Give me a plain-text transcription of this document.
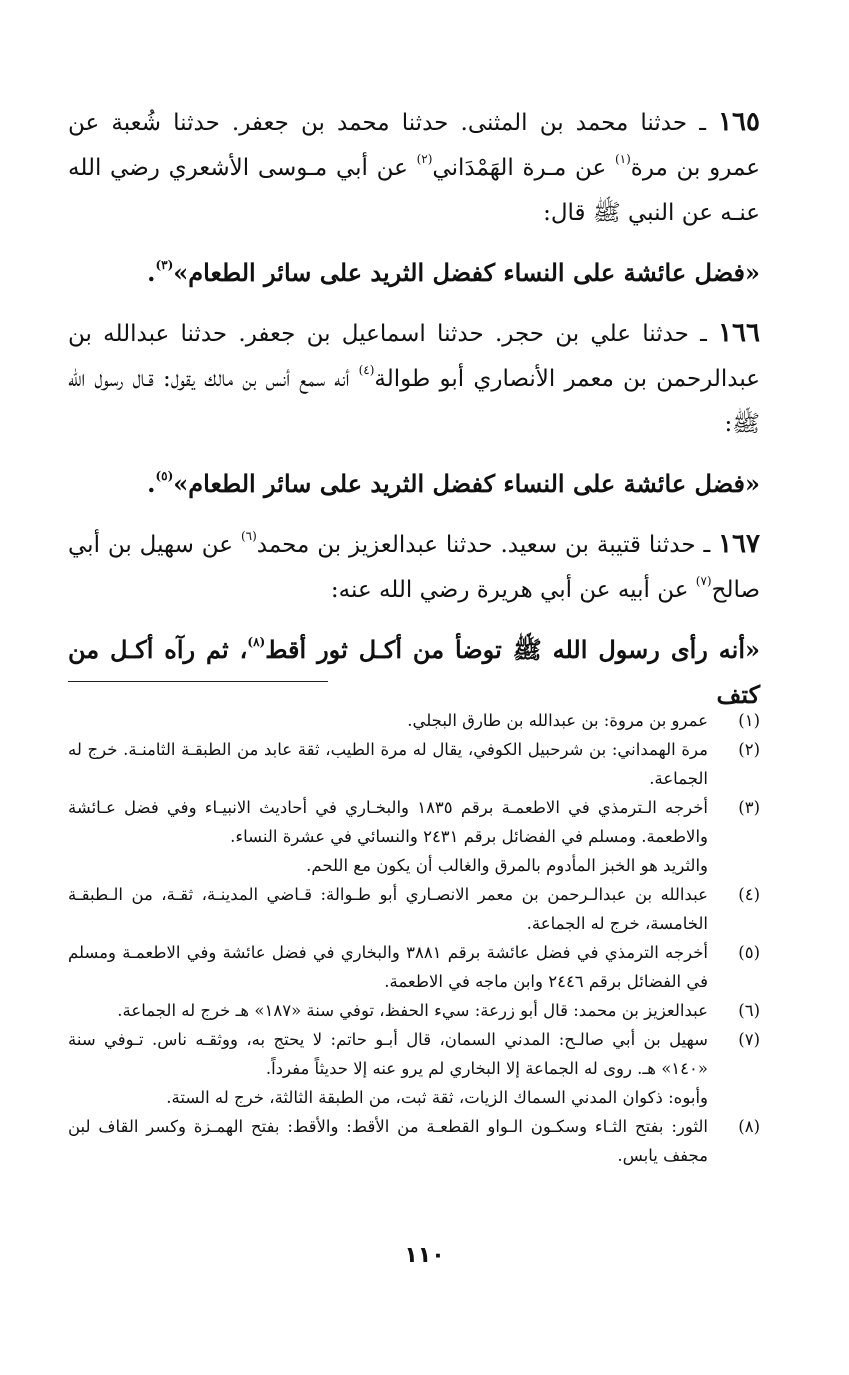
١٦٥ ـ حدثنا محمد بن المثنى. حدثنا محمد بن جعفر. حدثنا شُعبة عن عمرو بن مرة$^{(١)}$ عن مـرة الهَمْدَاني$^{(٢)}$ عن أبي مـوسى الأشعري رضي الله عنـه عن النبي ﷺ قال:

«فضل عائشة على النساء كفضل الثريد على سائر الطعام»$^{(٣)}$.

١٦٦ ـ حدثنا علي بن حجر. حدثنا اسماعيل بن جعفر. حدثنا عبدالله بن عبدالرحمن بن معمر الأنصاري أبو طوالة$^{(٤)}$ أنه سمع أنس بن مالك يقول: قـال رسول الله ﷺ:

«فضل عائشة على النساء كفضل الثريد على سائر الطعام»$^{(٥)}$.

١٦٧ ـ حدثنا قتيبة بن سعيد. حدثنا عبدالعزيز بن محمد$^{(٦)}$ عن سهيل بن أبي صالح$^{(٧)}$ عن أبيه عن أبي هريرة رضي الله عنه:

«أنه رأى رسول الله ﷺ توضأ من أكـل ثور أقط$^{(٨)}$، ثم رآه أكـل من كتف

(١)

عمرو بن مروة: بن عبدالله بن طارق البجلي.

(٢)

مرة الهمداني: بن شرحبيل الكوفي، يقال له مرة الطيب، ثقة عابد من الطبقـة الثامنـة. خرج له الجماعة.

(٣)

أخرجه الـترمذي في الاطعمـة برقم ١٨٣٥ والبخـاري في أحاديث الانبيـاء وفي فضل عـائشة والاطعمة. ومسلم في الفضائل برقم ٢٤٣١ والنسائي في عشرة النساء.

والثريد هو الخبز المأدوم بالمرق والغالب أن يكون مع اللحم.

(٤)

عبدالله بن عبدالـرحمن بن معمر الانصـاري أبو طـوالة: قـاضي المدينـة، ثقـة، من الـطبقـة الخامسة، خرج له الجماعة.

(٥)

أخرجه الترمذي في فضل عائشة برقم ٣٨٨١ والبخاري في فضل عائشة وفي الاطعمـة ومسلم في الفضائل برقم ٢٤٤٦ وابن ماجه في الاطعمة.

(٦)

عبدالعزيز بن محمد: قال أبو زرعة: سيء الحفظ، توفي سنة «١٨٧» هـ خرج له الجماعة.

(٧)

سهيل بن أبي صالـح: المدني السمان، قال أبـو حاتم: لا يحتج به، ووثقـه ناس. تـوفي سنة «١٤٠» هـ. روى له الجماعة إلا البخاري لم يرو عنه إلا حديثاً مفرداً.

وأبوه: ذكوان المدني السماك الزيات، ثقة ثبت، من الطبقة الثالثة، خرج له الستة.

(٨)

الثور: بفتح الثـاء وسكـون الـواو القطعـة من الأقط: والأقط: بفتح الهمـزة وكسر القاف لبن مجفف يابس.

١١٠
